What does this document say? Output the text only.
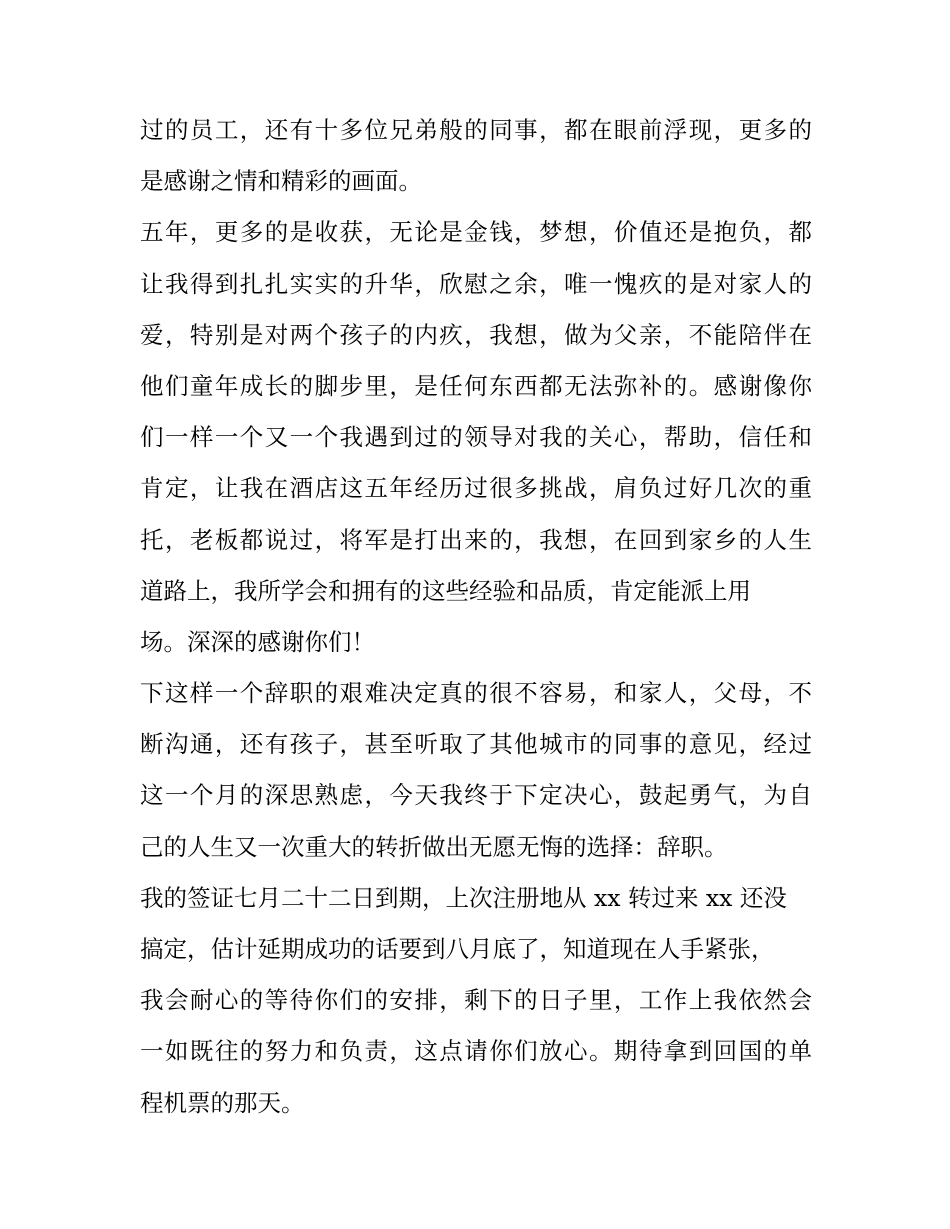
过的员工，还有十多位兄弟般的同事，都在眼前浮现，更多的
是感谢之情和精彩的画面。
五年，更多的是收获，无论是金钱，梦想，价值还是抱负，都
让我得到扎扎实实的升华，欣慰之余，唯一愧疚的是对家人的
爱，特别是对两个孩子的内疚，我想，做为父亲，不能陪伴在
他们童年成长的脚步里，是任何东西都无法弥补的。感谢像你
们一样一个又一个我遇到过的领导对我的关心，帮助，信任和
肯定，让我在酒店这五年经历过很多挑战，肩负过好几次的重
托，老板都说过，将军是打出来的，我想，在回到家乡的人生
道路上，我所学会和拥有的这些经验和品质，肯定能派上用
场。深深的感谢你们！
下这样一个辞职的艰难决定真的很不容易，和家人，父母，不
断沟通，还有孩子，甚至听取了其他城市的同事的意见，经过
这一个月的深思熟虑，今天我终于下定决心，鼓起勇气，为自
己的人生又一次重大的转折做出无愿无悔的选择：辞职。
我的签证七月二十二日到期，上次注册地从 xx 转过来 xx 还没
搞定，估计延期成功的话要到八月底了，知道现在人手紧张，
我会耐心的等待你们的安排，剩下的日子里，工作上我依然会
一如既往的努力和负责，这点请你们放心。期待拿到回国的单
程机票的那天。
